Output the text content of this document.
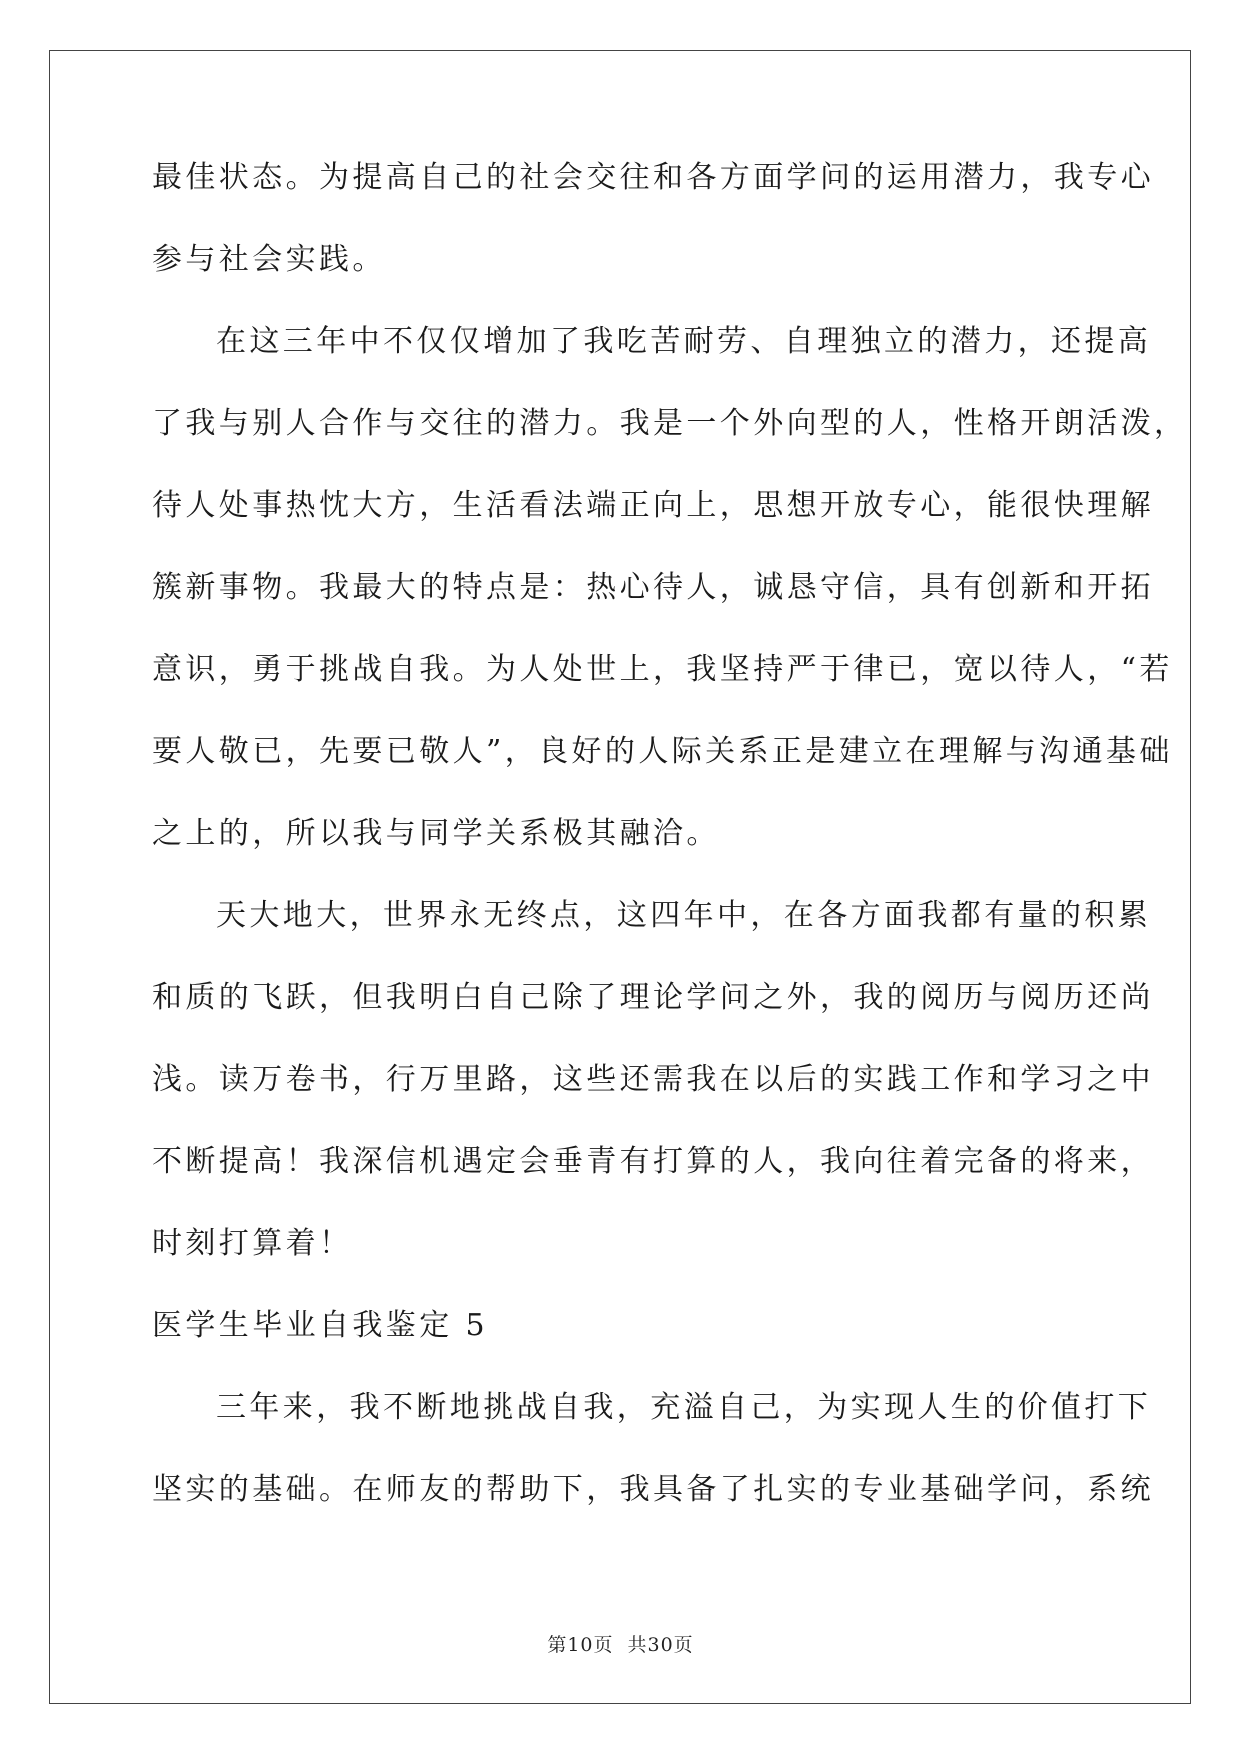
最佳状态。为提高自己的社会交往和各方面学问的运用潜力，我专心
参与社会实践。
在这三年中不仅仅增加了我吃苦耐劳、自理独立的潜力，还提高
了我与别人合作与交往的潜力。我是一个外向型的人，性格开朗活泼，
待人处事热忱大方，生活看法端正向上，思想开放专心，能很快理解
簇新事物。我最大的特点是：热心待人，诚恳守信，具有创新和开拓
意识，勇于挑战自我。为人处世上，我坚持严于律已，宽以待人，“若
要人敬已，先要已敬人”，良好的人际关系正是建立在理解与沟通基础
之上的，所以我与同学关系极其融洽。
天大地大，世界永无终点，这四年中，在各方面我都有量的积累
和质的飞跃，但我明白自己除了理论学问之外，我的阅历与阅历还尚
浅。读万卷书，行万里路，这些还需我在以后的实践工作和学习之中
不断提高！我深信机遇定会垂青有打算的人，我向往着完备的将来，
时刻打算着！
医学生毕业自我鉴定 5
三年来，我不断地挑战自我，充溢自己，为实现人生的价值打下
坚实的基础。在师友的帮助下，我具备了扎实的专业基础学问，系统
第10页 共30页
